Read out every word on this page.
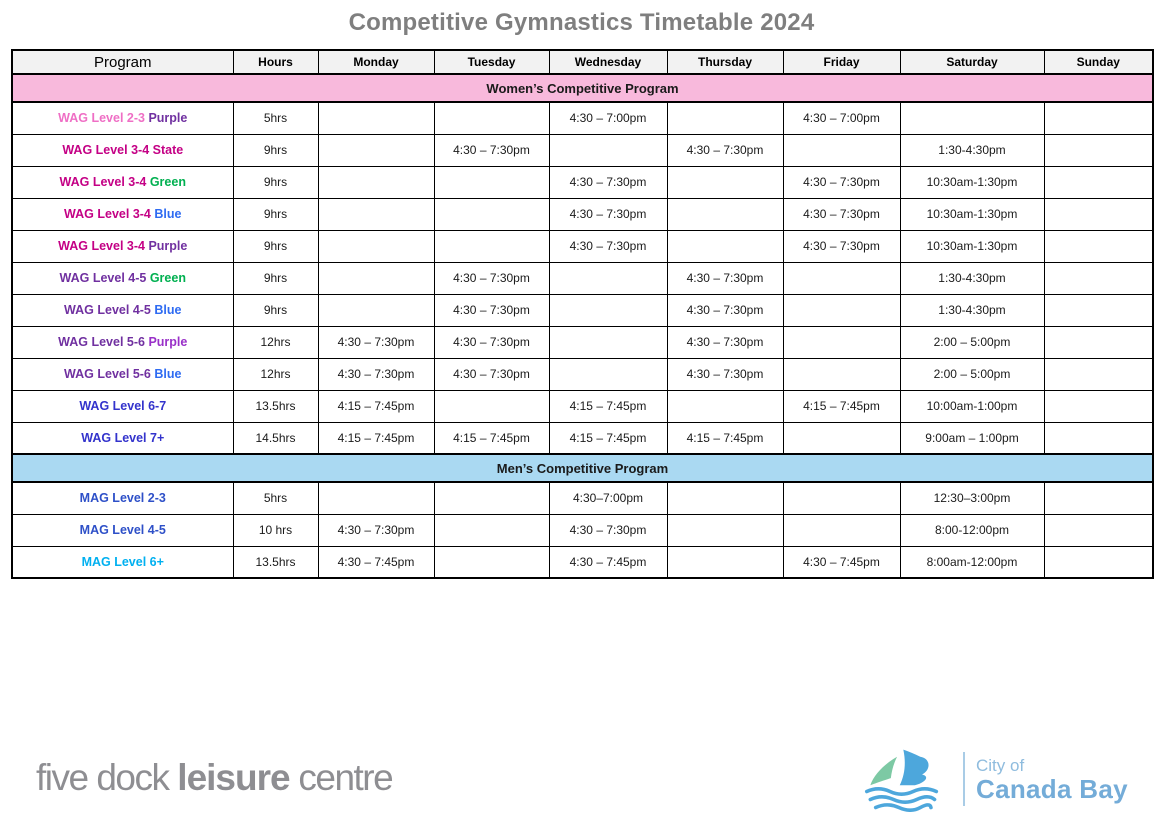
Competitive Gymnastics Timetable 2024
Program	Hours	Monday	Tuesday	Wednesday	Thursday	Friday	Saturday	Sunday
Women’s Competitive Program								
WAG Level 2-3 Purple	5hrs			4:30 – 7:00pm		4:30 – 7:00pm		
WAG Level 3-4 State	9hrs		4:30 – 7:30pm		4:30 – 7:30pm		1:30-4:30pm	
WAG Level 3-4 Green	9hrs			4:30 – 7:30pm		4:30 – 7:30pm	10:30am-1:30pm	
WAG Level 3-4 Blue	9hrs			4:30 – 7:30pm		4:30 – 7:30pm	10:30am-1:30pm	
WAG Level 3-4 Purple	9hrs			4:30 – 7:30pm		4:30 – 7:30pm	10:30am-1:30pm	
WAG Level 4-5 Green	9hrs		4:30 – 7:30pm		4:30 – 7:30pm		1:30-4:30pm	
WAG Level 4-5 Blue	9hrs		4:30 – 7:30pm		4:30 – 7:30pm		1:30-4:30pm	
WAG Level 5-6 Purple	12hrs	4:30 – 7:30pm	4:30 – 7:30pm		4:30 – 7:30pm		2:00 – 5:00pm	
WAG Level 5-6 Blue	12hrs	4:30 – 7:30pm	4:30 – 7:30pm		4:30 – 7:30pm		2:00 – 5:00pm	
WAG Level 6-7	13.5hrs	4:15 – 7:45pm		4:15 – 7:45pm		4:15 – 7:45pm	10:00am-1:00pm	
WAG Level 7+	14.5hrs	4:15 – 7:45pm	4:15 – 7:45pm	4:15 – 7:45pm	4:15 – 7:45pm		9:00am – 1:00pm	
Men’s Competitive Program								
MAG Level 2-3	5hrs			4:30–7:00pm			12:30–3:00pm	
MAG Level 4-5	10 hrs	4:30 – 7:30pm		4:30 – 7:30pm			8:00-12:00pm	
MAG Level 6+	13.5hrs	4:30 – 7:45pm		4:30 – 7:45pm		4:30 – 7:45pm	8:00am-12:00pm	
five dock leisure centre	City of
Canada Bay
